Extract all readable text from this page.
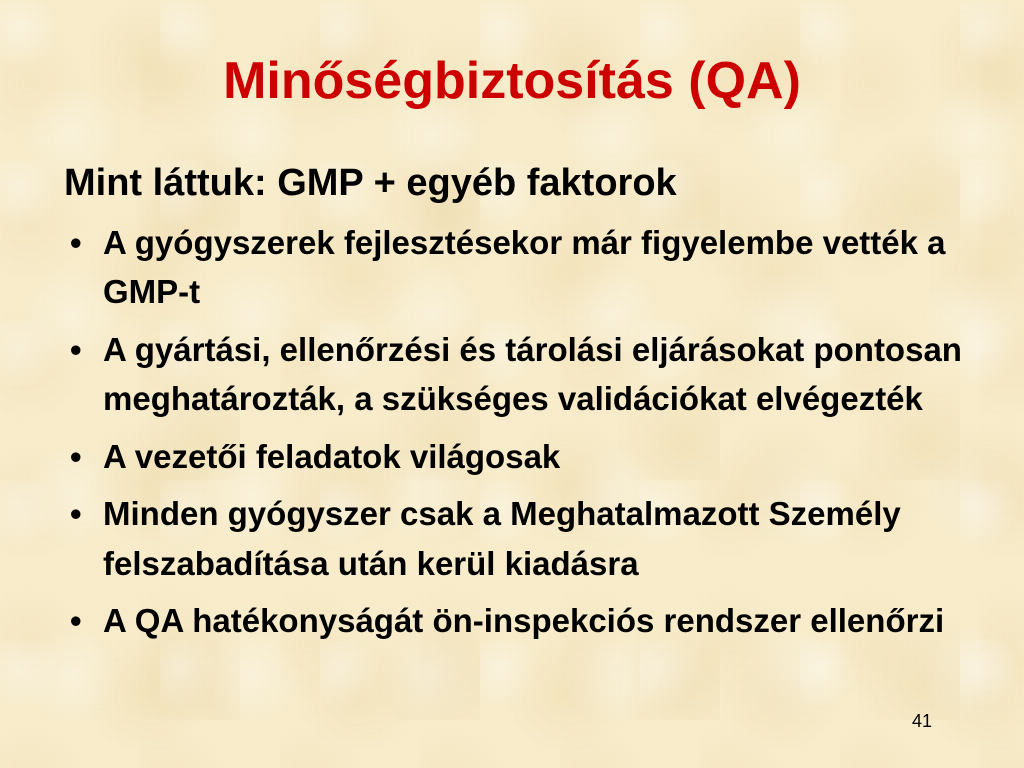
Minőségbiztosítás (QA)

Mint láttuk: GMP + egyéb faktorok

• A gyógyszerek fejlesztésekor már figyelembe vették a GMP-t
• A gyártási, ellenőrzési és tárolási eljárásokat pontosan meghatározták, a szükséges validációkat elvégezték
• A vezetői feladatok világosak
• Minden gyógyszer csak a Meghatalmazott Személy felszabadítása után kerül kiadásra
• A QA hatékonyságát ön-inspekciós rendszer ellenőrzi
41
